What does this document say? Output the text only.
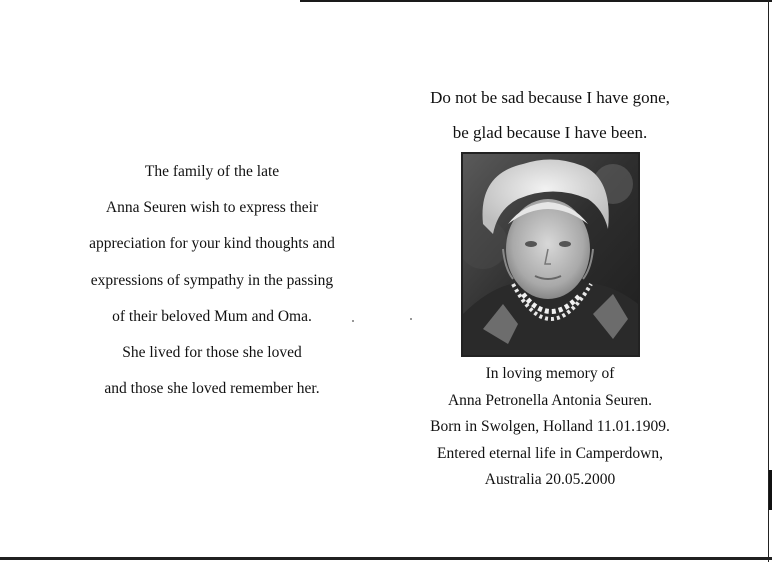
The family of the late
Anna Seuren wish to express their
appreciation for your kind thoughts and
expressions of sympathy in the passing
of their beloved Mum and Oma.
She lived for those she loved
and those she loved remember her.
Do not be sad because I have gone,
be glad because I have been.
In loving memory of
Anna Petronella Antonia Seuren.
Born in Swolgen, Holland 11.01.1909.
Entered eternal life in Camperdown,
Australia 20.05.2000
